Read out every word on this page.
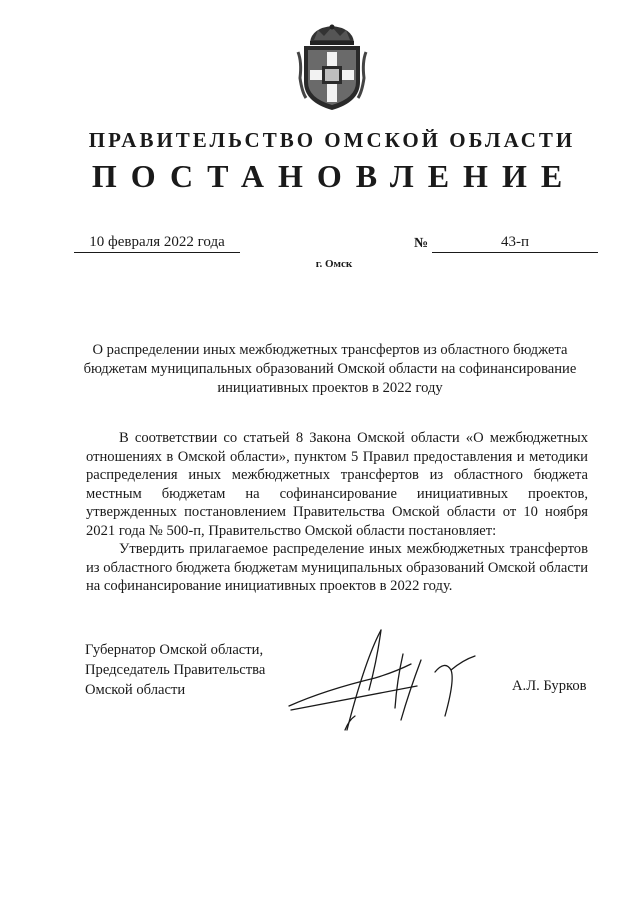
ПРАВИТЕЛЬСТВО ОМСКОЙ ОБЛАСТИ
ПОСТАНОВЛЕНИЕ
10 февраля 2022 года	№	43-п
г. Омск
О распределении иных межбюджетных трансфертов из областного бюджета бюджетам муниципальных образований Омской области на софинансирование инициативных проектов в 2022 году

В соответствии со статьей 8 Закона Омской области «О межбюджетных отношениях в Омской области», пунктом 5 Правил предоставления и методики распределения иных межбюджетных трансфертов из областного бюджета местным бюджетам на софинансирование инициативных проектов, утвержденных постановлением Правительства Омской области от 10 ноября 2021 года № 500-п, Правительство Омской области постановляет:

Утвердить прилагаемое распределение иных межбюджетных трансфертов из областного бюджета бюджетам муниципальных образований Омской области на софинансирование инициативных проектов в 2022 году.

Губернатор Омской области,
Председатель Правительства
Омской области	А.Л. Бурков
